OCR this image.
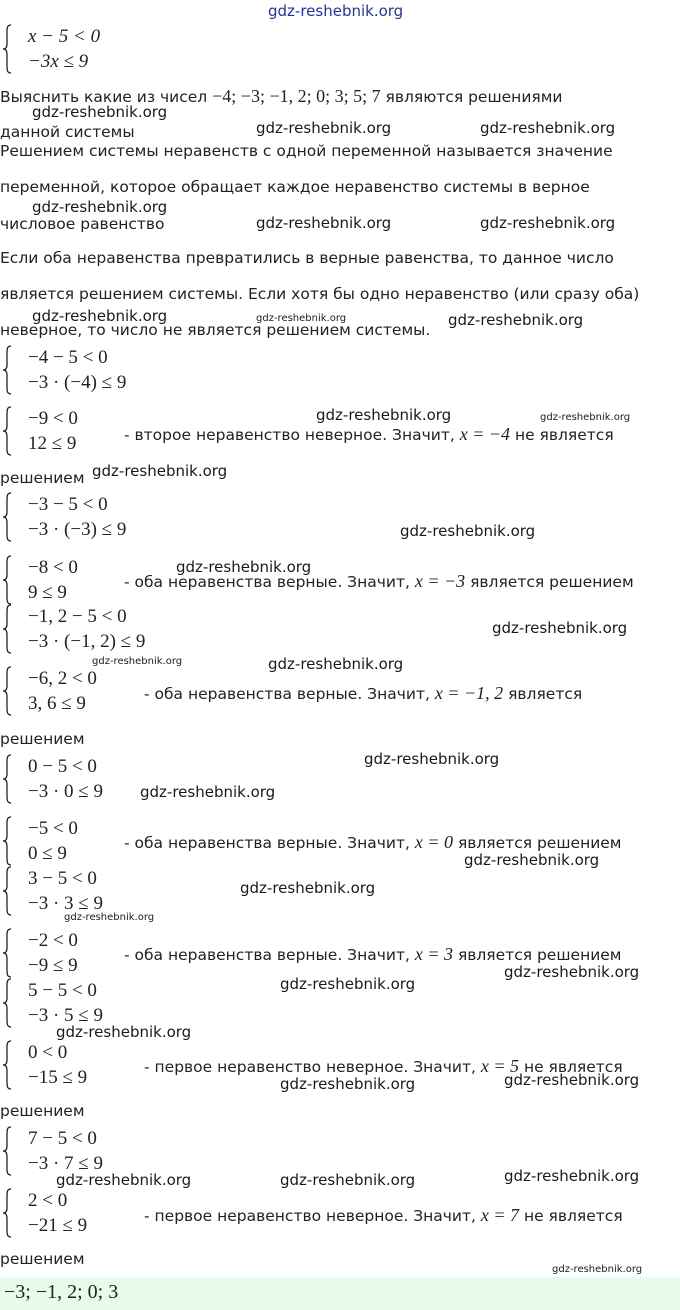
gdz-reshebnik.org
x − 5 < 0
−3x ≤ 9
Выяснить какие из чисел −4; −3; −1, 2; 0; 3; 5; 7 являются решениями
данной системы
Решением системы неравенств с одной переменной называется значение
переменной, которое обращает каждое неравенство системы в верное
числовое равенство
Если оба неравенства превратились в верные равенства, то данное число
является решением системы. Если хотя бы одно неравенство (или сразу оба)
неверное, то число не является решением системы.
−4 − 5 < 0
−3 · (−4) ≤ 9
−9 < 0
12 ≤ 9	- второе неравенство неверное. Значит, x = −4 не является
решением
−3 − 5 < 0
−3 · (−3) ≤ 9
−8 < 0
9 ≤ 9	- оба неравенства верные. Значит, x = −3 является решением
−1, 2 − 5 < 0
−3 · (−1, 2) ≤ 9
−6, 2 < 0
3, 6 ≤ 9	- оба неравенства верные. Значит, x = −1, 2 является
решением
0 − 5 < 0
−3 · 0 ≤ 9
−5 < 0
0 ≤ 9	- оба неравенства верные. Значит, x = 0 является решением
3 − 5 < 0
−3 · 3 ≤ 9
−2 < 0
−9 ≤ 9	- оба неравенства верные. Значит, x = 3 является решением
5 − 5 < 0
−3 · 5 ≤ 9
0 < 0
−15 ≤ 9	- первое неравенство неверное. Значит, x = 5 не является
решением
7 − 5 < 0
−3 · 7 ≤ 9
2 < 0
−21 ≤ 9	- первое неравенство неверное. Значит, x = 7 не является
решением
−3; −1, 2; 0; 3
gdz-reshebnik.org
gdz-reshebnik.org	gdz-reshebnik.org
gdz-reshebnik.org
gdz-reshebnik.org	gdz-reshebnik.org
gdz-reshebnik.org	gdz-reshebnik.org	gdz-reshebnik.org
gdz-reshebnik.org	gdz-reshebnik.org
gdz-reshebnik.org
gdz-reshebnik.org
gdz-reshebnik.org
gdz-reshebnik.org
gdz-reshebnik.org	gdz-reshebnik.org
gdz-reshebnik.org
gdz-reshebnik.org
gdz-reshebnik.org
gdz-reshebnik.org
gdz-reshebnik.org
gdz-reshebnik.org
gdz-reshebnik.org
gdz-reshebnik.org
gdz-reshebnik.org	gdz-reshebnik.org
gdz-reshebnik.org	gdz-reshebnik.org	gdz-reshebnik.org
gdz-reshebnik.org
